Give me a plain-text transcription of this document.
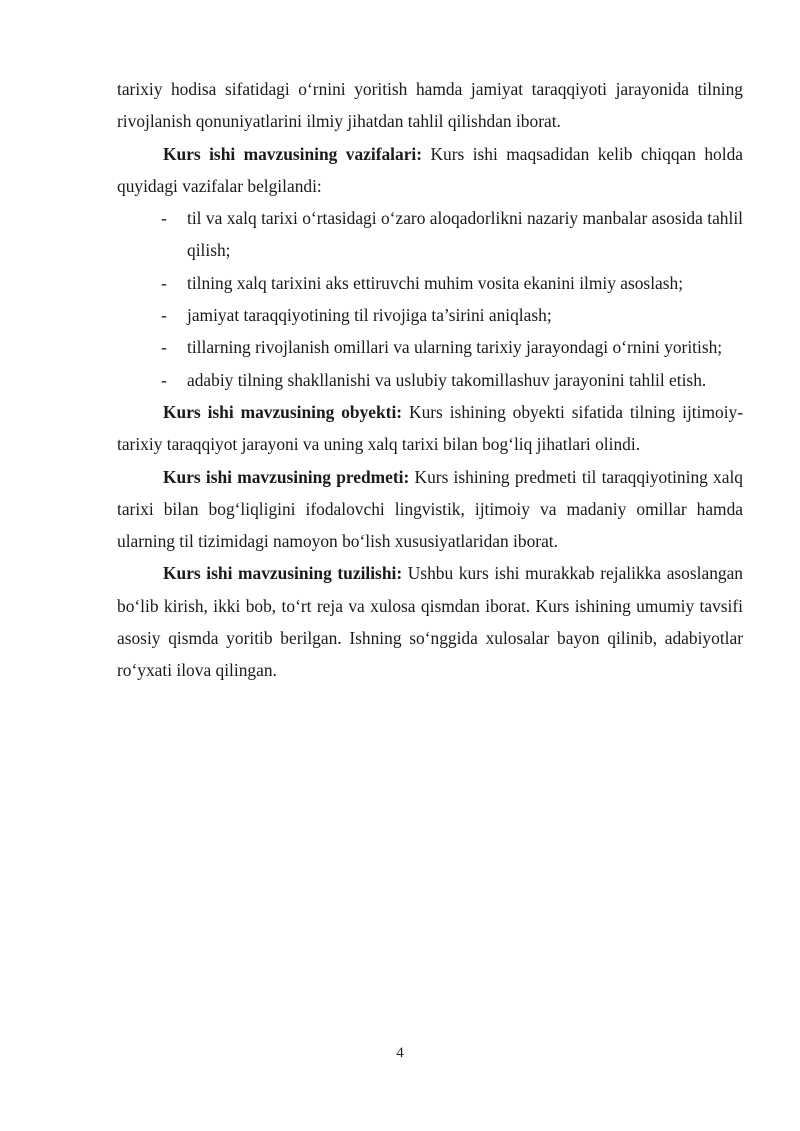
tarixiy hodisa sifatidagi o‘rnini yoritish hamda jamiyat taraqqiyoti jarayonida tilning rivojlanish qonuniyatlarini ilmiy jihatdan tahlil qilishdan iborat.

Kurs ishi mavzusining vazifalari: Kurs ishi maqsadidan kelib chiqqan holda quyidagi vazifalar belgilandi:

- til va xalq tarixi o‘rtasidagi o‘zaro aloqadorlikni nazariy manbalar asosida tahlil qilish;
- tilning xalq tarixini aks ettiruvchi muhim vosita ekanini ilmiy asoslash;
- jamiyat taraqqiyotining til rivojiga ta’sirini aniqlash;
- tillarning rivojlanish omillari va ularning tarixiy jarayondagi o‘rnini yoritish;
- adabiy tilning shakllanishi va uslubiy takomillashuv jarayonini tahlil etish.

Kurs ishi mavzusining obyekti: Kurs ishining obyekti sifatida tilning ijtimoiy-tarixiy taraqqiyot jarayoni va uning xalq tarixi bilan bog‘liq jihatlari olindi.

Kurs ishi mavzusining predmeti: Kurs ishining predmeti til taraqqiyotining xalq tarixi bilan bog‘liqligini ifodalovchi lingvistik, ijtimoiy va madaniy omillar hamda ularning til tizimidagi namoyon bo‘lish xususiyatlaridan iborat.

Kurs ishi mavzusining tuzilishi: Ushbu kurs ishi murakkab rejalikka asoslangan bo‘lib kirish, ikki bob, to‘rt reja va xulosa qismdan iborat. Kurs ishining umumiy tavsifi asosiy qismda yoritib berilgan. Ishning so‘nggida xulosalar bayon qilinib, adabiyotlar ro‘yxati ilova qilingan.

4
